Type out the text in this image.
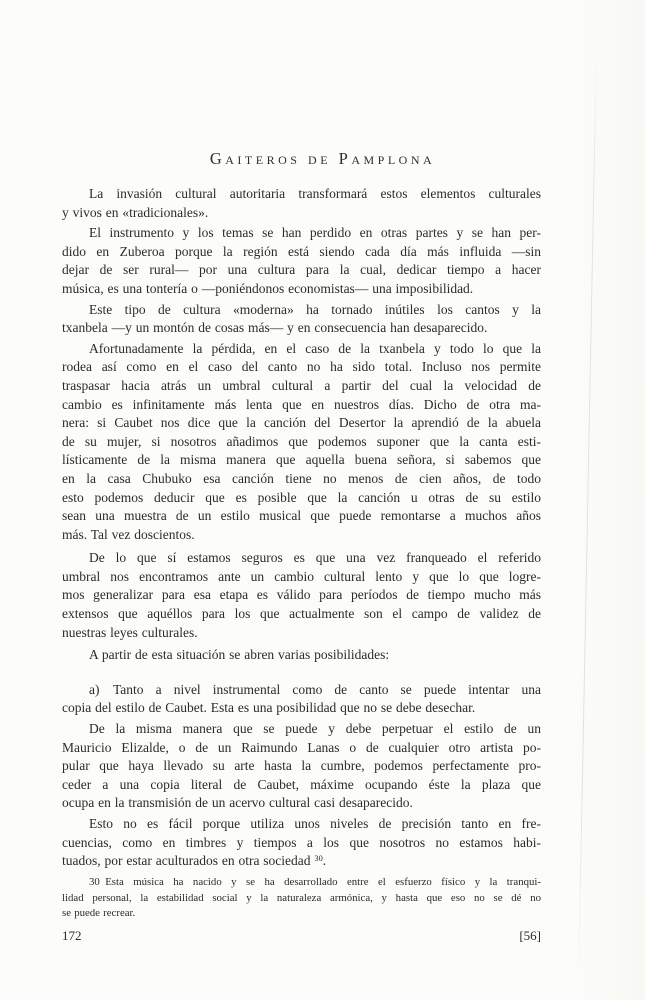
Gaiteros de Pamplona

La invasión cultural autoritaria transformará estos elementos culturales
y vivos en «tradicionales».

El instrumento y los temas se han perdido en otras partes y se han per-
dido en Zuberoa porque la región está siendo cada día más influida —sin
dejar de ser rural— por una cultura para la cual, dedicar tiempo a hacer
música, es una tontería o —poniéndonos economistas— una imposibilidad.

Este tipo de cultura «moderna» ha tornado inútiles los cantos y la
txanbela —y un montón de cosas más— y en consecuencia han desaparecido.

Afortunadamente la pérdida, en el caso de la txanbela y todo lo que la
rodea así como en el caso del canto no ha sido total. Incluso nos permite
traspasar hacia atrás un umbral cultural a partir del cual la velocidad de
cambio es infinitamente más lenta que en nuestros días. Dicho de otra ma-
nera: si Caubet nos dice que la canción del Desertor la aprendió de la abuela
de su mujer, si nosotros añadimos que podemos suponer que la canta esti-
lísticamente de la misma manera que aquella buena señora, si sabemos que
en la casa Chubuko esa canción tiene no menos de cien años, de todo
esto podemos deducir que es posible que la canción u otras de su estilo
sean una muestra de un estilo musical que puede remontarse a muchos años
más. Tal vez doscientos.

De lo que sí estamos seguros es que una vez franqueado el referido
umbral nos encontramos ante un cambio cultural lento y que lo que logre-
mos generalizar para esa etapa es válido para períodos de tiempo mucho más
extensos que aquéllos para los que actualmente son el campo de validez de
nuestras leyes culturales.

A partir de esta situación se abren varias posibilidades:

a) Tanto a nivel instrumental como de canto se puede intentar una
copia del estilo de Caubet. Esta es una posibilidad que no se debe desechar.

De la misma manera que se puede y debe perpetuar el estilo de un
Mauricio Elizalde, o de un Raimundo Lanas o de cualquier otro artista po-
pular que haya llevado su arte hasta la cumbre, podemos perfectamente pro-
ceder a una copia literal de Caubet, máxime ocupando éste la plaza que
ocupa en la transmisión de un acervo cultural casi desaparecido.

Esto no es fácil porque utiliza unos niveles de precisión tanto en fre-
cuencias, como en timbres y tiempos a los que nosotros no estamos habi-
tuados, por estar aculturados en otra sociedad $^{30}$.

30 Esta música ha nacido y se ha desarrollado entre el esfuerzo físico y la tranqui-
lidad personal, la estabilidad social y la naturaleza armónica, y hasta que eso no se dé no
se puede recrear.
172	[56]
